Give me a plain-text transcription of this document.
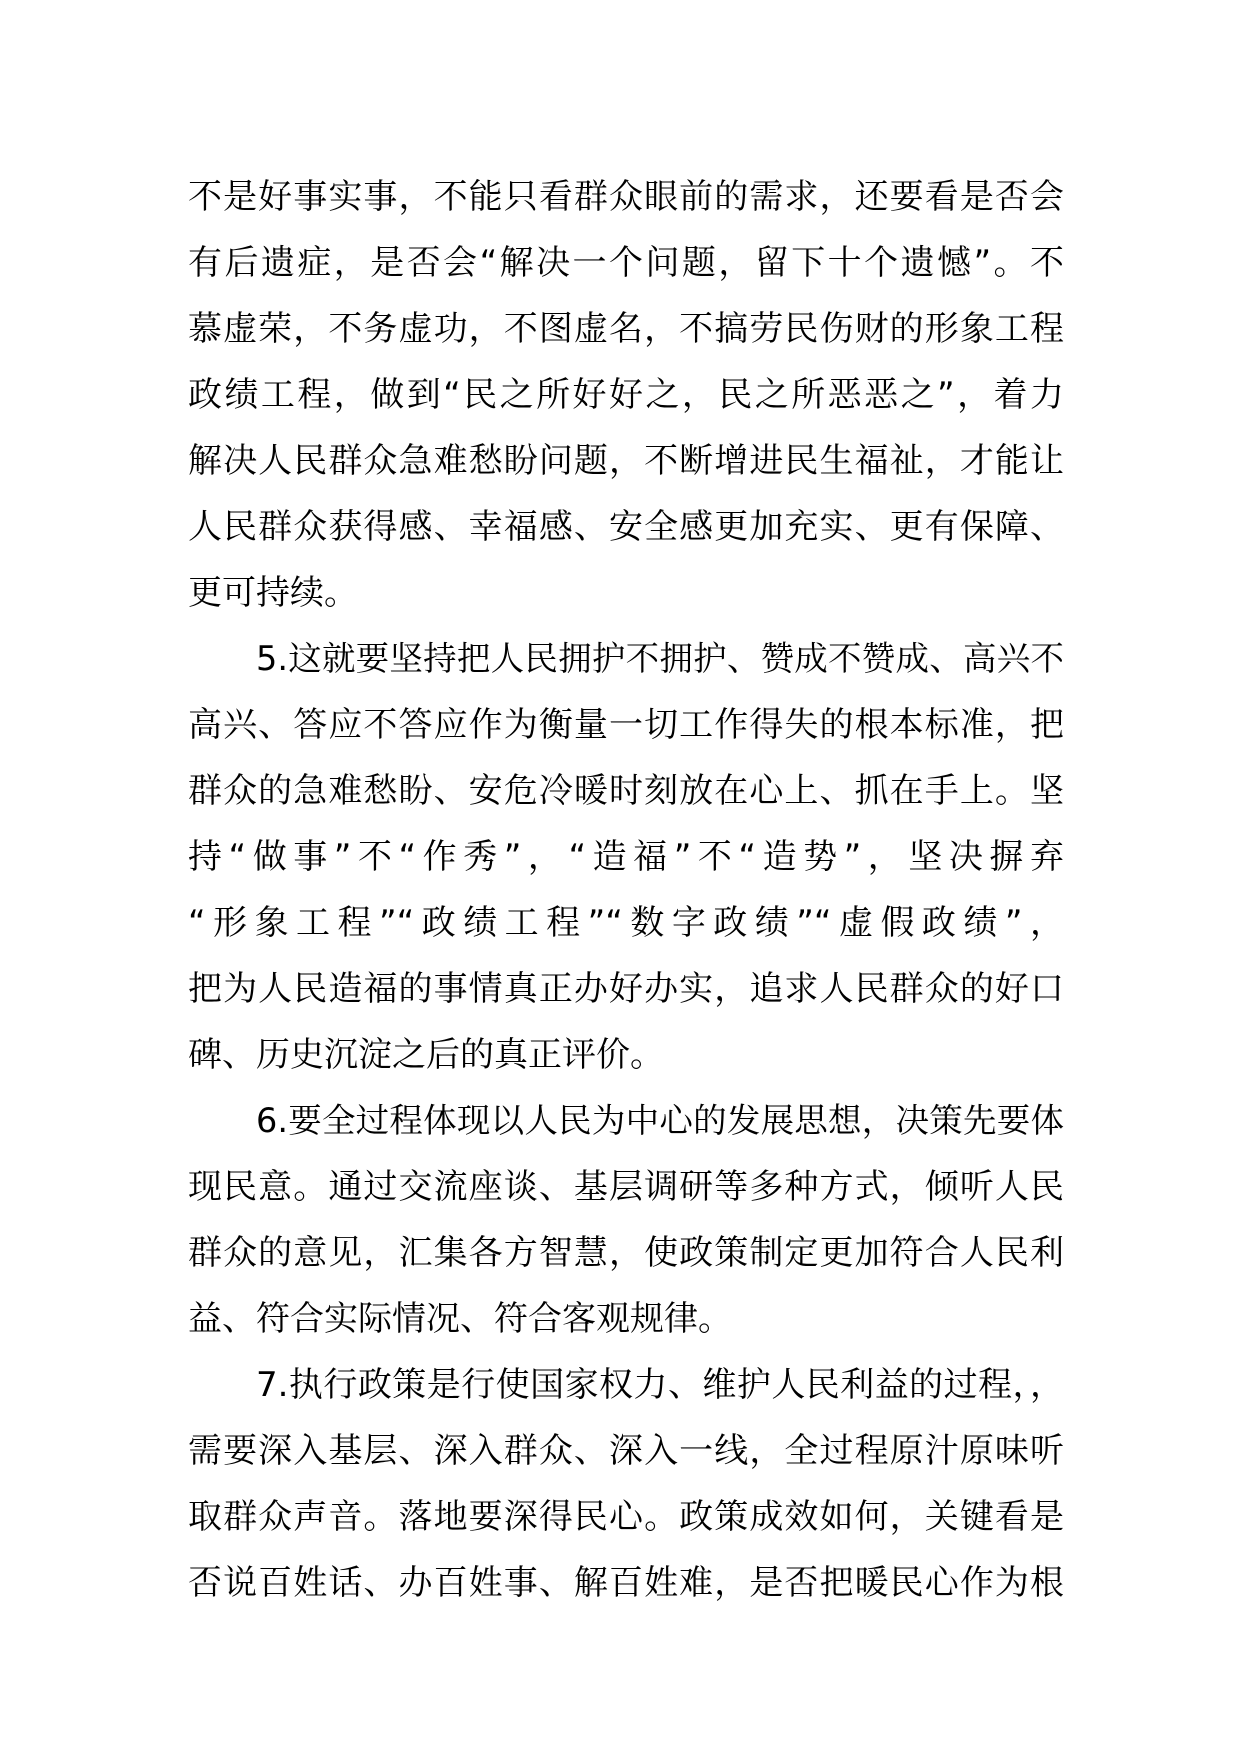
不是好事实事，不能只看群众眼前的需求，还要看是否会
有后遗症，是否会“解决一个问题，留下十个遗憾”。不
慕虚荣，不务虚功，不图虚名，不搞劳民伤财的形象工程
政绩工程，做到“民之所好好之，民之所恶恶之”，着力
解决人民群众急难愁盼问题，不断增进民生福祉，才能让
人民群众获得感、幸福感、安全感更加充实、更有保障、
更可持续。
5.这就要坚持把人民拥护不拥护、赞成不赞成、高兴不
高兴、答应不答应作为衡量一切工作得失的根本标准，把
群众的急难愁盼、安危冷暖时刻放在心上、抓在手上。坚
持“做事”不“作秀”，“造福”不“造势”，坚决摒弃
“形象工程”“政绩工程”“数字政绩”“虚假政绩”，
把为人民造福的事情真正办好办实，追求人民群众的好口
碑、历史沉淀之后的真正评价。
6.要全过程体现以人民为中心的发展思想，决策先要体
现民意。通过交流座谈、基层调研等多种方式，倾听人民
群众的意见，汇集各方智慧，使政策制定更加符合人民利
益、符合实际情况、符合客观规律。
7.执行政策是行使国家权力、维护人民利益的过程，，
需要深入基层、深入群众、深入一线，全过程原汁原味听
取群众声音。落地要深得民心。政策成效如何，关键看是
否说百姓话、办百姓事、解百姓难，是否把暖民心作为根
